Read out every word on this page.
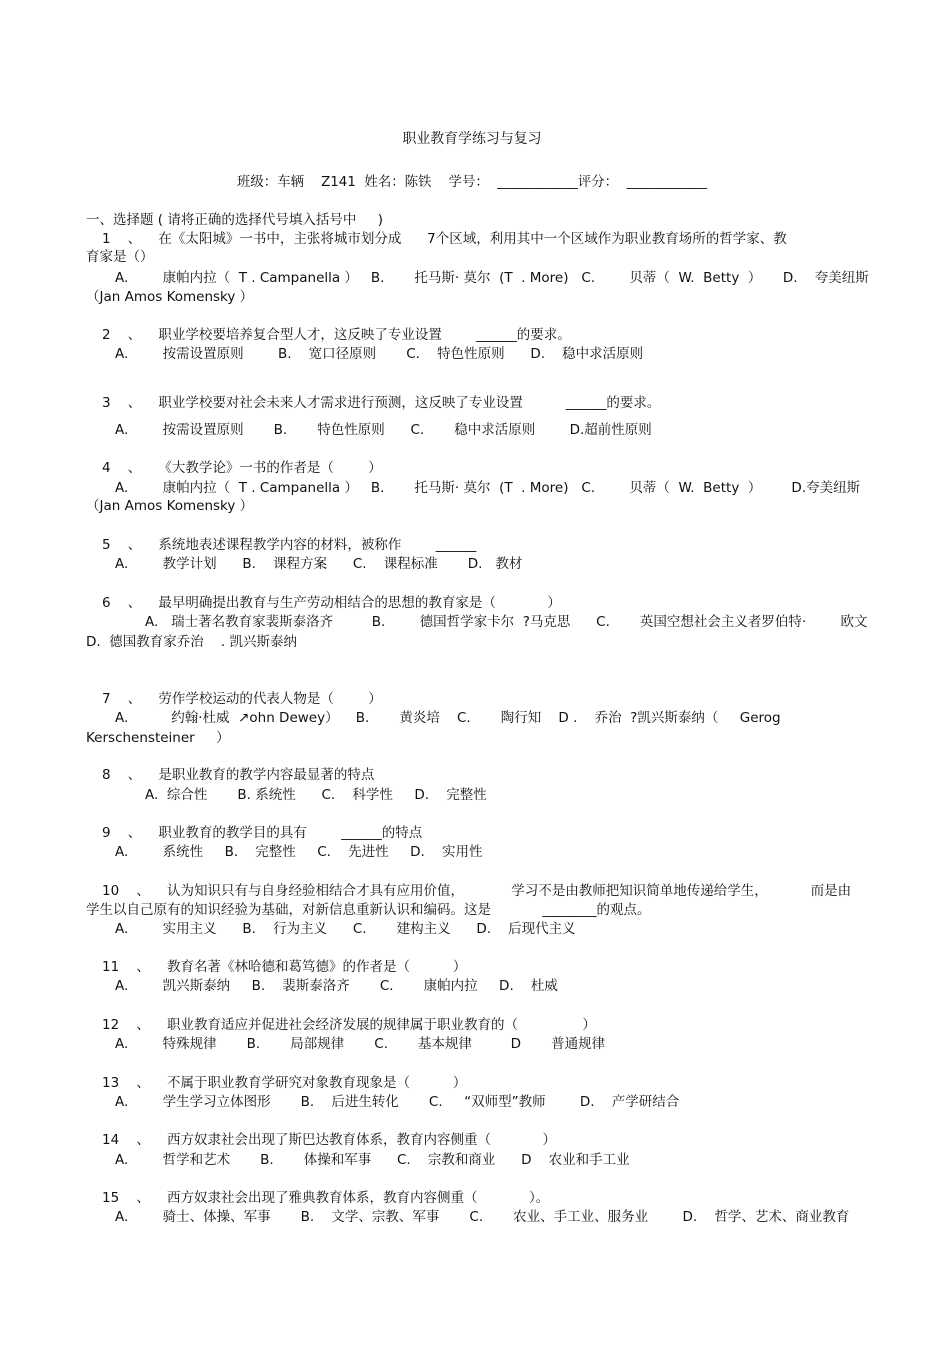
职业教育学练习与复习
班级：车辆    Z141  姓名：陈铁    学号：  ____________评分：  ____________
一、选择题 ( 请将正确的选择代号填入括号中     )
1    、    在《太阳城》一书中，主张将城市划分成      7个区域，利用其中一个区域作为职业教育场所的哲学家、教
育家是（）
A.        康帕内拉（  T . Campanella ）   B.       托马斯· 莫尔  (T  . More)   C.        贝蒂（  W.  Betty  ）     D.    夸美纽斯
（Jan Amos Komensky ）
2    、    职业学校要培养复合型人才，这反映了专业设置        ______的要求。
A.        按需设置原则        B.    宽口径原则       C.    特色性原则      D.    稳中求活原则
3    、    职业学校要对社会未来人才需求进行预测，这反映了专业设置          ______的要求。
A.        按需设置原则       B.       特色性原则      C.       稳中求活原则        D.超前性原则
4    、    《大教学论》一书的作者是（        ）
A.        康帕内拉（  T . Campanella ）   B.       托马斯· 莫尔  (T  . More)   C.        贝蒂（  W.  Betty  ）       D.夸美纽斯
（Jan Amos Komensky ）
5    、    系统地表述课程教学内容的材料，被称作        ______
A.        教学计划      B.    课程方案      C.    课程标准       D.   教材
6    、    最早明确提出教育与生产劳动相结合的思想的教育家是（            ）
A.   瑞士著名教育家裴斯泰洛齐         B.        德国哲学家卡尔  ?马克思      C.       英国空想社会主义者罗伯特·        欧文
D.  德国教育家乔治    . 凯兴斯泰纳
7    、    劳作学校运动的代表人物是（        ）
A.          约翰·杜威  ↗ohn Dewey）    B.       黄炎培    C.       陶行知    D .    乔治  ?凯兴斯泰纳（     Gerog
Kerschensteiner     ）
8    、    是职业教育的教学内容最显著的特点
A.  综合性       B. 系统性      C.    科学性     D.    完整性
9    、    职业教育的教学目的具有        ______的特点
A.        系统性     B.    完整性     C.    先进性     D.    实用性
10    、    认为知识只有与自身经验相结合才具有应用价值，           学习不是由教师把知识简单地传递给学生，          而是由
学生以自己原有的知识经验为基础，对新信息重新认识和编码。这是            ________的观点。
A.        实用主义      B.    行为主义      C.       建构主义      D.    后现代主义
11    、    教育名著《林哈德和葛笃德》的作者是（          ）
A.        凯兴斯泰纳     B.    裴斯泰洛齐       C.       康帕内拉     D.    杜威
12    、    职业教育适应并促进社会经济发展的规律属于职业教育的（               ）
A.        特殊规律       B.       局部规律       C.       基本规律         D       普通规律
13    、    不属于职业教育学研究对象教育现象是（          ）
A.        学生学习立体图形       B.    后进生转化       C.     “双师型”教师        D.    产学研结合
14    、    西方奴隶社会出现了斯巴达教育体系，教育内容侧重（            ）
A.        哲学和艺术       B.       体操和军事      C.    宗教和商业      D    农业和手工业
15    、    西方奴隶社会出现了雅典教育体系，教育内容侧重（            ）。
A.        骑士、体操、军事       B.    文学、宗教、军事       C.       农业、手工业、服务业        D.    哲学、艺术、商业教育
